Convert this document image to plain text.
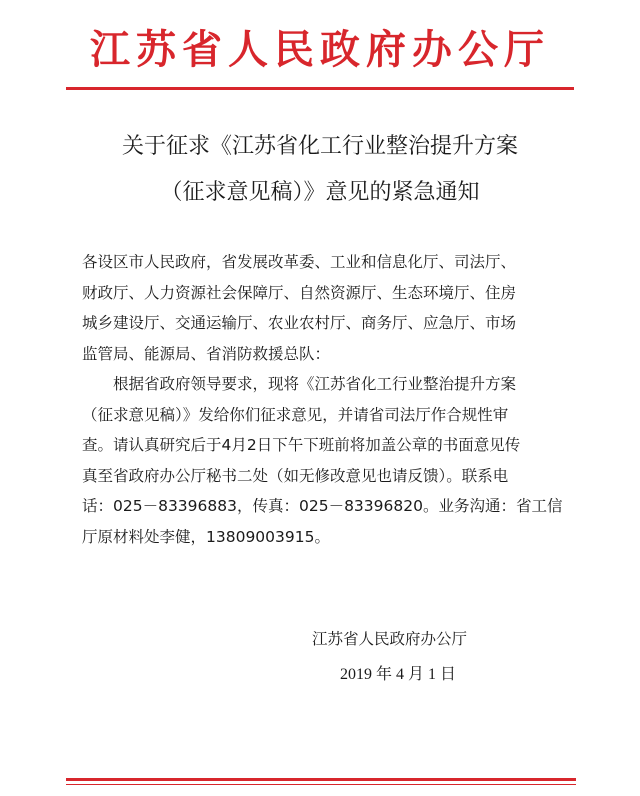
江苏省人民政府办公厅
关于征求《江苏省化工行业整治提升方案
（征求意见稿）》意见的紧急通知
各设区市人民政府，省发展改革委、工业和信息化厅、司法厅、
财政厅、人力资源社会保障厅、自然资源厅、生态环境厅、住房
城乡建设厅、交通运输厅、农业农村厅、商务厅、应急厅、市场
监管局、能源局、省消防救援总队：
根据省政府领导要求，现将《江苏省化工行业整治提升方案
（征求意见稿）》发给你们征求意见，并请省司法厅作合规性审
查。请认真研究后于4月2日下午下班前将加盖公章的书面意见传
真至省政府办公厅秘书二处（如无修改意见也请反馈）。联系电
话：025－83396883，传真：025－83396820。业务沟通：省工信
厅原材料处李健，13809003915。
江苏省人民政府办公厅
2019 年 4 月 1 日
